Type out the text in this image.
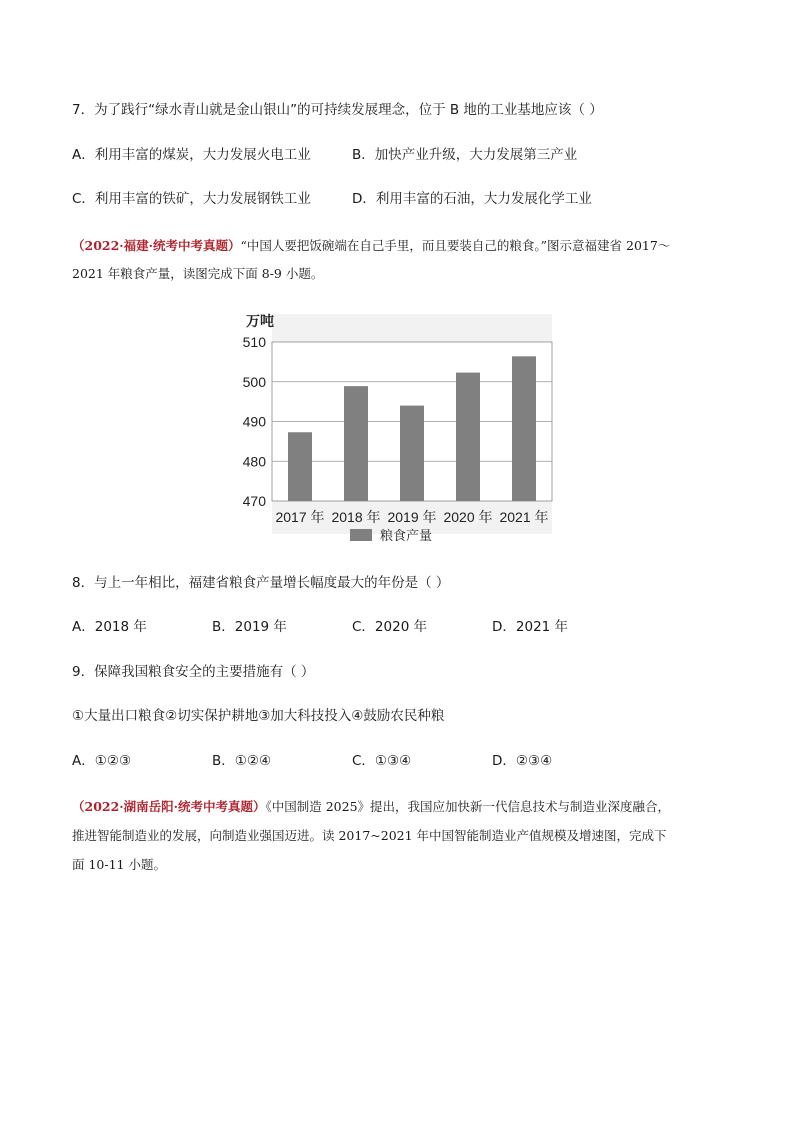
7．为了践行“绿水青山就是金山银山”的可持续发展理念，位于 B 地的工业基地应该（ ）
A．利用丰富的煤炭，大力发展火电工业	B．加快产业升级，大力发展第三产业
C．利用丰富的铁矿，大力发展钢铁工业	D．利用丰富的石油，大力发展化学工业
（2022·福建·统考中考真题）“中国人要把饭碗端在自己手里，而且要装自己的粮食。”图示意福建省 2017～
2021 年粮食产量，读图完成下面 8-9 小题。
470
480
490
500
510
2017 年 2018 年 2019 年 2020 年 2021 年
万吨
粮食产量
8．与上一年相比，福建省粮食产量增长幅度最大的年份是（ ）
A．2018 年	B．2019 年	C．2020 年	D．2021 年
9．保障我国粮食安全的主要措施有（ ）
①大量出口粮食②切实保护耕地③加大科技投入④鼓励农民种粮
A．①②③	B．①②④	C．①③④	D．②③④
（2022·湖南岳阳·统考中考真题）《中国制造 2025》提出，我国应加快新一代信息技术与制造业深度融合，
推进智能制造业的发展，向制造业强国迈进。读 2017~2021 年中国智能制造业产值规模及增速图，完成下
面 10-11 小题。
